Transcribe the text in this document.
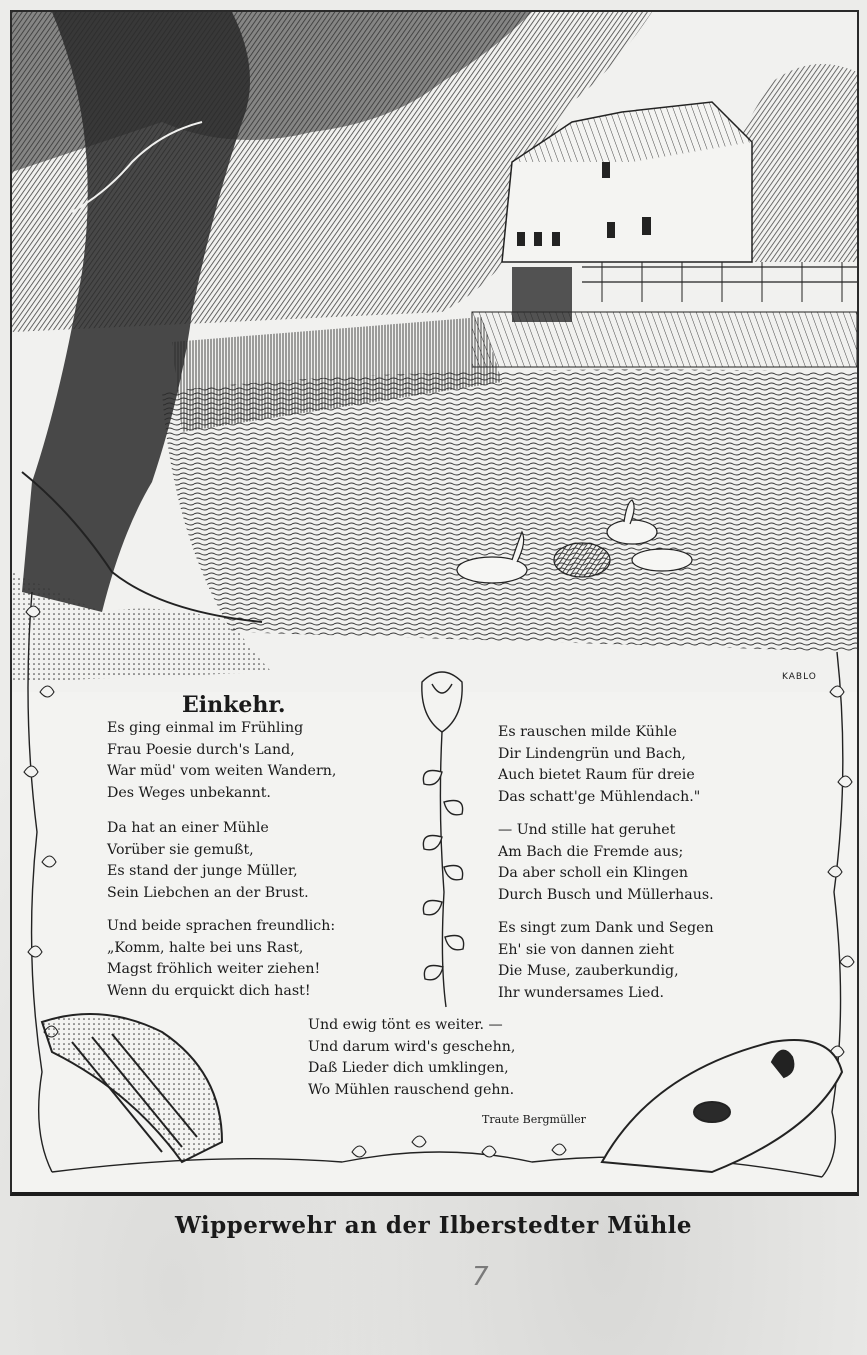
KABLO
Einkehr.
Es ging einmal im Frühling
Frau Poesie durch's Land,
War müd' vom weiten Wandern,
Des Weges unbekannt.
Da hat an einer Mühle
Vorüber sie gemußt,
Es stand der junge Müller,
Sein Liebchen an der Brust.
Und beide sprachen freundlich:
„Komm, halte bei uns Rast,
Magst fröhlich weiter ziehen!
Wenn du erquickt dich hast!
Es rauschen milde Kühle
Dir Lindengrün und Bach,
Auch bietet Raum für dreie
Das schatt'ge Mühlendach."
— Und stille hat geruhet
Am Bach die Fremde aus;
Da aber scholl ein Klingen
Durch Busch und Müllerhaus.
Es singt zum Dank und Segen
Eh' sie von dannen zieht
Die Muse, zauberkundig,
Ihr wundersames Lied.
Und ewig tönt es weiter. —
Und darum wird's geschehn,
Daß Lieder dich umklingen,
Wo Mühlen rauschend gehn.
Traute Bergmüller
Wipperwehr an der Ilberstedter Mühle
7
